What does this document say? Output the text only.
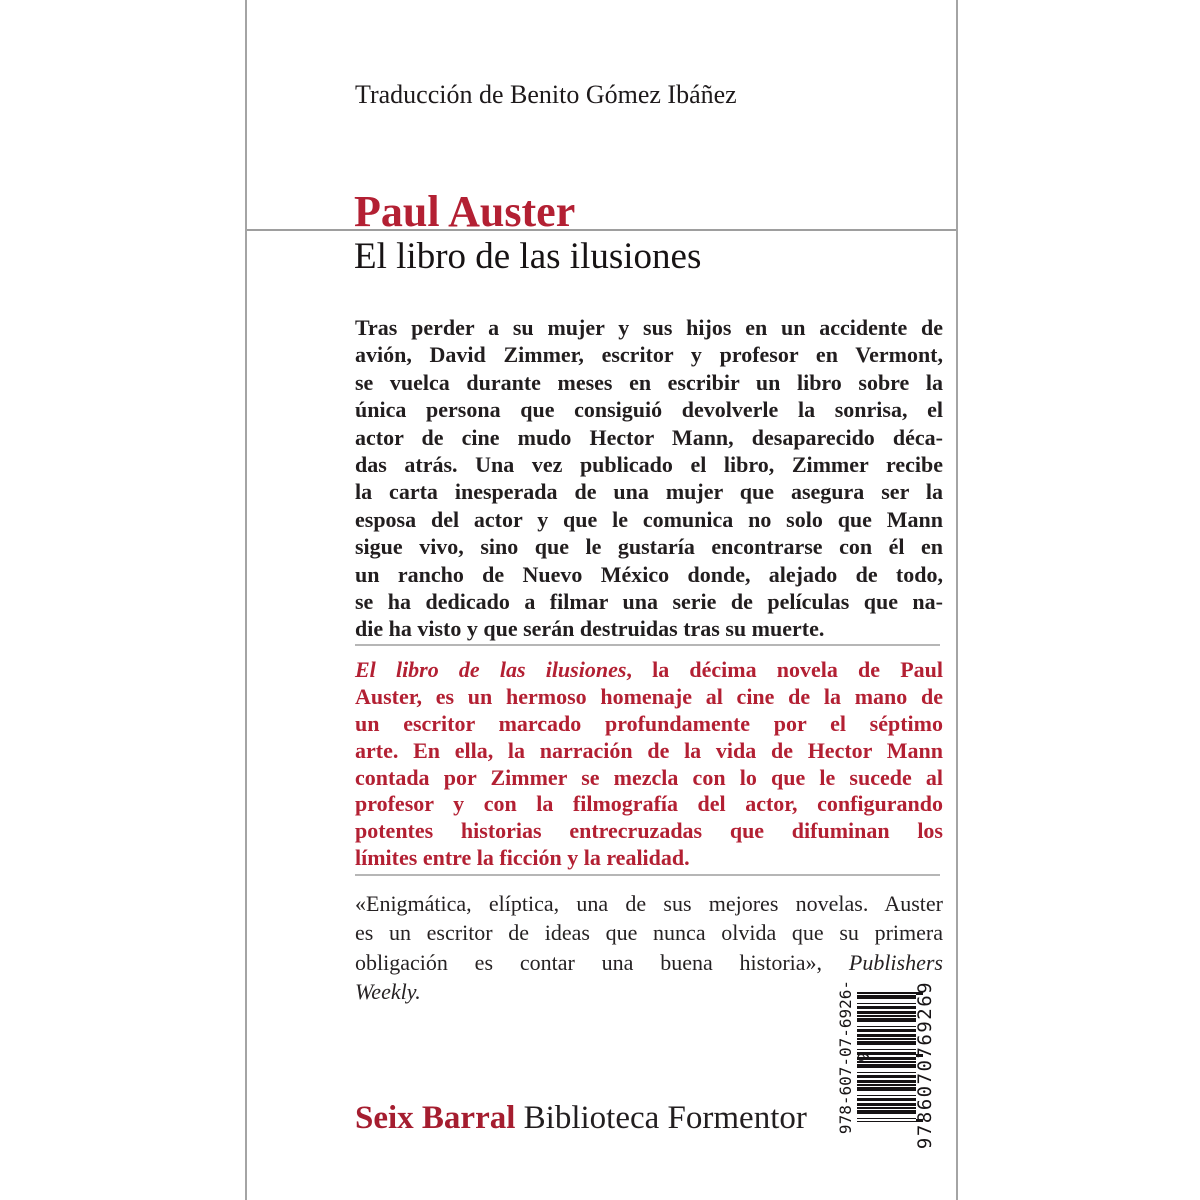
Traducción de Benito Gómez Ibáñez
Paul Auster
El libro de las ilusiones
Tras perder a su mujer y sus hijos en un accidente de
avión, David Zimmer, escritor y profesor en Vermont,
se vuelca durante meses en escribir un libro sobre la
única persona que consiguió devolverle la sonrisa, el
actor de cine mudo Hector Mann, desaparecido déca-
das atrás. Una vez publicado el libro, Zimmer recibe
la carta inesperada de una mujer que asegura ser la
esposa del actor y que le comunica no solo que Mann
sigue vivo, sino que le gustaría encontrarse con él en
un rancho de Nuevo México donde, alejado de todo,
se ha dedicado a filmar una serie de películas que na-
die ha visto y que serán destruidas tras su muerte.
El libro de las ilusiones, la décima novela de Paul
Auster, es un hermoso homenaje al cine de la mano de
un escritor marcado profundamente por el séptimo
arte. En ella, la narración de la vida de Hector Mann
contada por Zimmer se mezcla con lo que le sucede al
profesor y con la filmografía del actor, configurando
potentes historias entrecruzadas que difuminan los
límites entre la ficción y la realidad.
«Enigmática, elíptica, una de sus mejores novelas. Auster
es un escritor de ideas que nunca olvida que su primera
obligación es contar una buena historia», Publishers
Weekly.	978-607-07-6926-9 9786070769269
Seix Barral Biblioteca Formentor
